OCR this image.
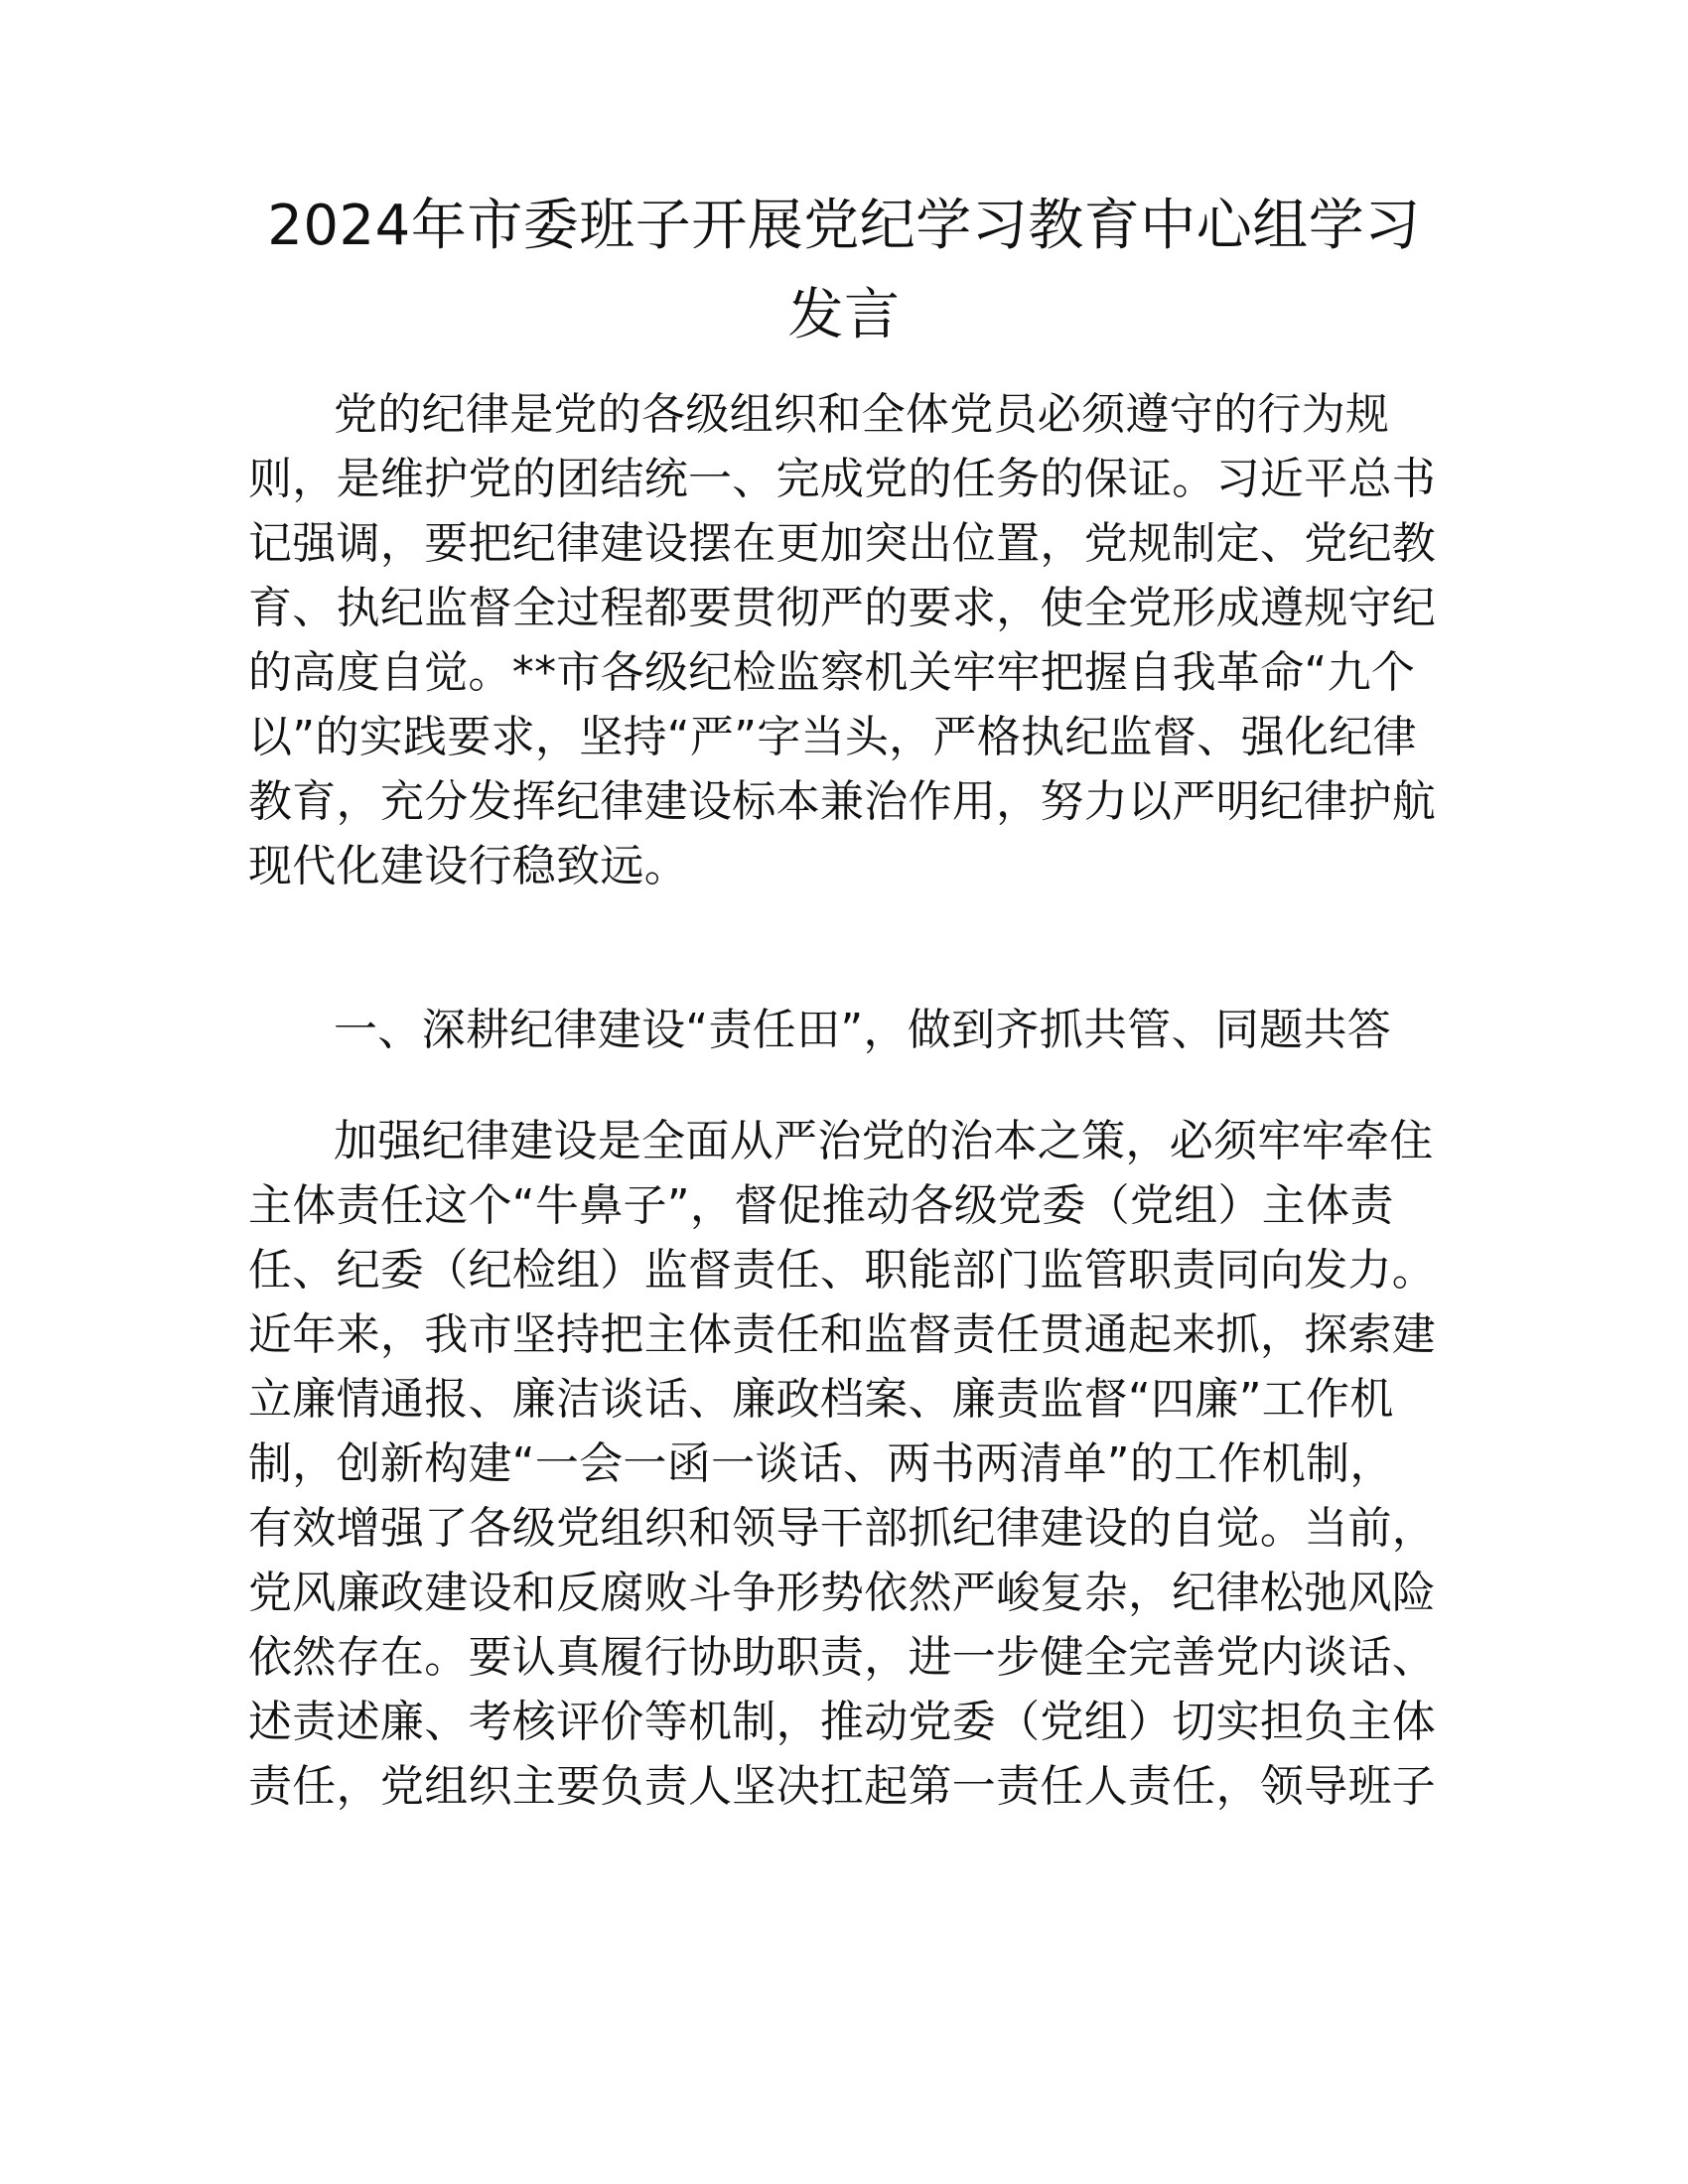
2024年市委班子开展党纪学习教育中心组学习
发言
党的纪律是党的各级组织和全体党员必须遵守的行为规
则，是维护党的团结统一、完成党的任务的保证。习近平总书
记强调，要把纪律建设摆在更加突出位置，党规制定、党纪教
育、执纪监督全过程都要贯彻严的要求，使全党形成遵规守纪
的高度自觉。**市各级纪检监察机关牢牢把握自我革命“九个
以”的实践要求，坚持“严”字当头，严格执纪监督、强化纪律
教育，充分发挥纪律建设标本兼治作用，努力以严明纪律护航
现代化建设行稳致远。
一、深耕纪律建设“责任田”，做到齐抓共管、同题共答
加强纪律建设是全面从严治党的治本之策，必须牢牢牵住
主体责任这个“牛鼻子”，督促推动各级党委（党组）主体责
任、纪委（纪检组）监督责任、职能部门监管职责同向发力。
近年来，我市坚持把主体责任和监督责任贯通起来抓，探索建
立廉情通报、廉洁谈话、廉政档案、廉责监督“四廉”工作机
制，创新构建“一会一函一谈话、两书两清单”的工作机制，
有效增强了各级党组织和领导干部抓纪律建设的自觉。当前，
党风廉政建设和反腐败斗争形势依然严峻复杂，纪律松弛风险
依然存在。要认真履行协助职责，进一步健全完善党内谈话、
述责述廉、考核评价等机制，推动党委（党组）切实担负主体
责任，党组织主要负责人坚决扛起第一责任人责任，领导班子
